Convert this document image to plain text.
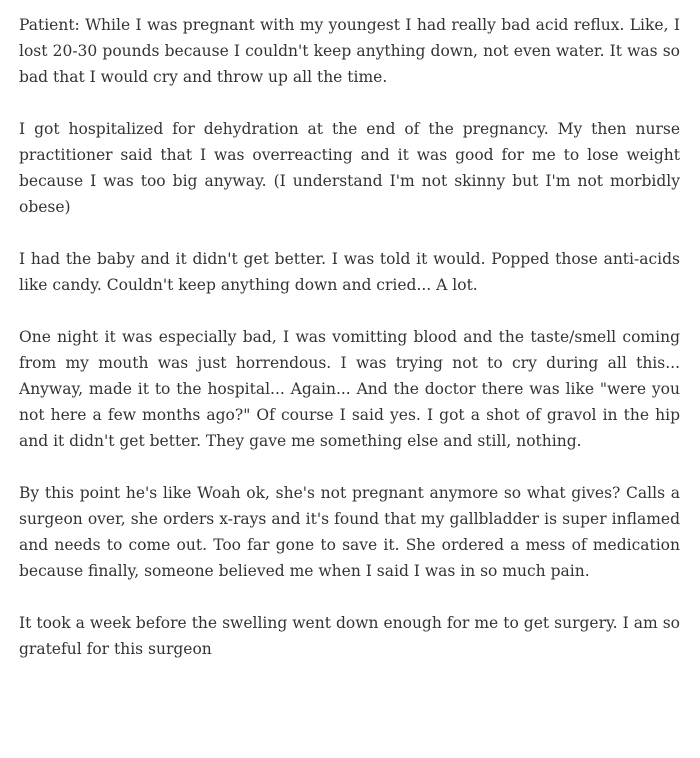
Patient: While I was pregnant with my youngest I had really bad acid reflux. Like, I lost 20-30 pounds because I couldn't keep anything down, not even water. It was so bad that I would cry and throw up all the time.

I got hospitalized for dehydration at the end of the pregnancy. My then nurse practitioner said that I was overreacting and it was good for me to lose weight because I was too big anyway. (I understand I'm not skinny but I'm not morbidly obese)

I had the baby and it didn't get better. I was told it would. Popped those anti-acids like candy. Couldn't keep anything down and cried... A lot.

One night it was especially bad, I was vomitting blood and the taste/smell coming from my mouth was just horrendous. I was trying not to cry during all this... Anyway, made it to the hospital... Again... And the doctor there was like "were you not here a few months ago?" Of course I said yes. I got a shot of gravol in the hip and it didn't get better. They gave me something else and still, nothing.

By this point he's like Woah ok, she's not pregnant anymore so what gives? Calls a surgeon over, she orders x-rays and it's found that my gallbladder is super inflamed and needs to come out. Too far gone to save it. She ordered a mess of medication because finally, someone believed me when I said I was in so much pain.

It took a week before the swelling went down enough for me to get surgery. I am so grateful for this surgeon
